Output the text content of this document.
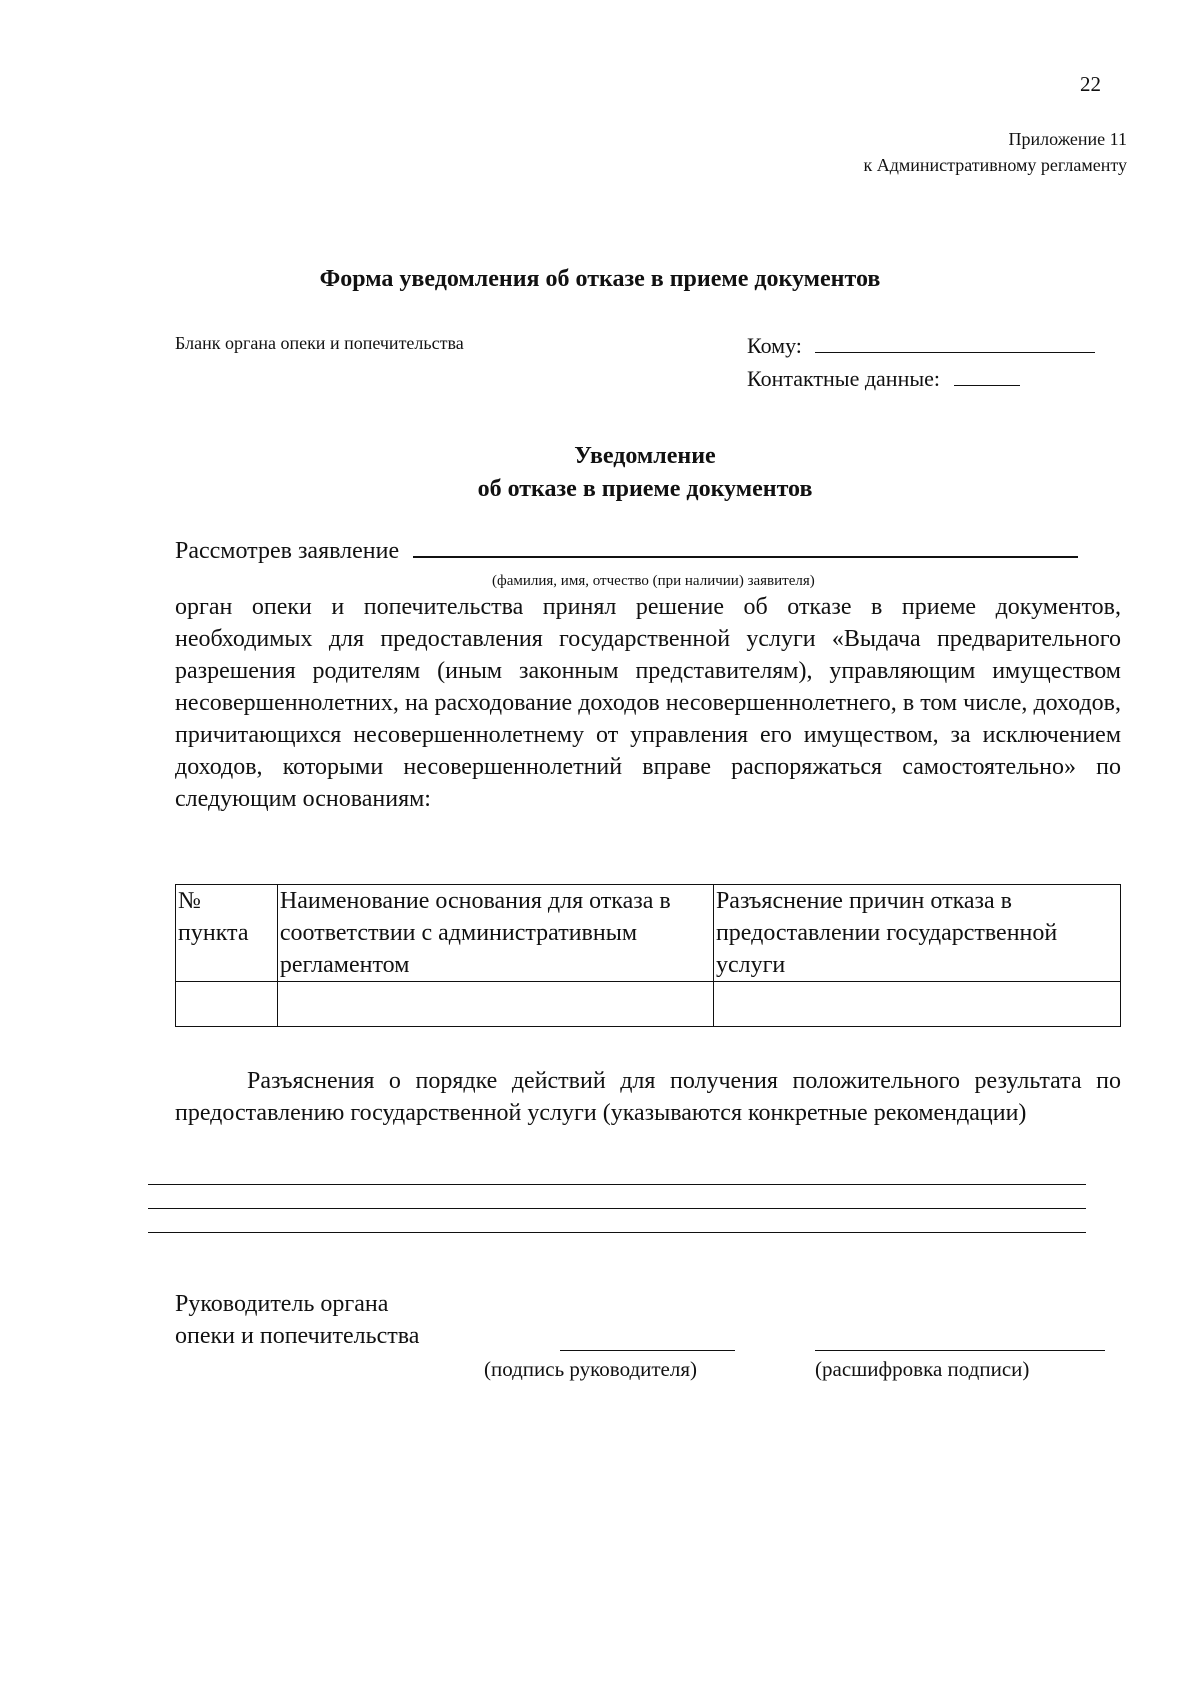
22
Приложение 11
к Административному регламенту
Форма уведомления об отказе в приеме документов
Бланк органа опеки и попечительства	Кому:
Контактные данные:
Уведомление
об отказе в приеме документов
Рассмотрев заявление
(фамилия, имя, отчество (при наличии) заявителя)
орган опеки и попечительства принял решение об отказе в приеме документов, необходимых для предоставления государственной услуги «Выдача предварительного разрешения родителям (иным законным представителям), управляющим имуществом несовершеннолетних, на расходование доходов несовершеннолетнего, в том числе, доходов, причитающихся несовершеннолетнему от управления его имуществом, за исключением доходов, которыми несовершеннолетний вправе распоряжаться самостоятельно» по следующим основаниям:
№ пункта	Наименование основания для отказа в соответствии с административным регламентом	Разъяснение причин отказа в предоставлении государственной услуги

Разъяснения о порядке действий для получения положительного результата по предоставлению государственной услуги (указываются конкретные рекомендации)
Руководитель органа
опеки и попечительства
(подпись руководителя)	(расшифровка подписи)
